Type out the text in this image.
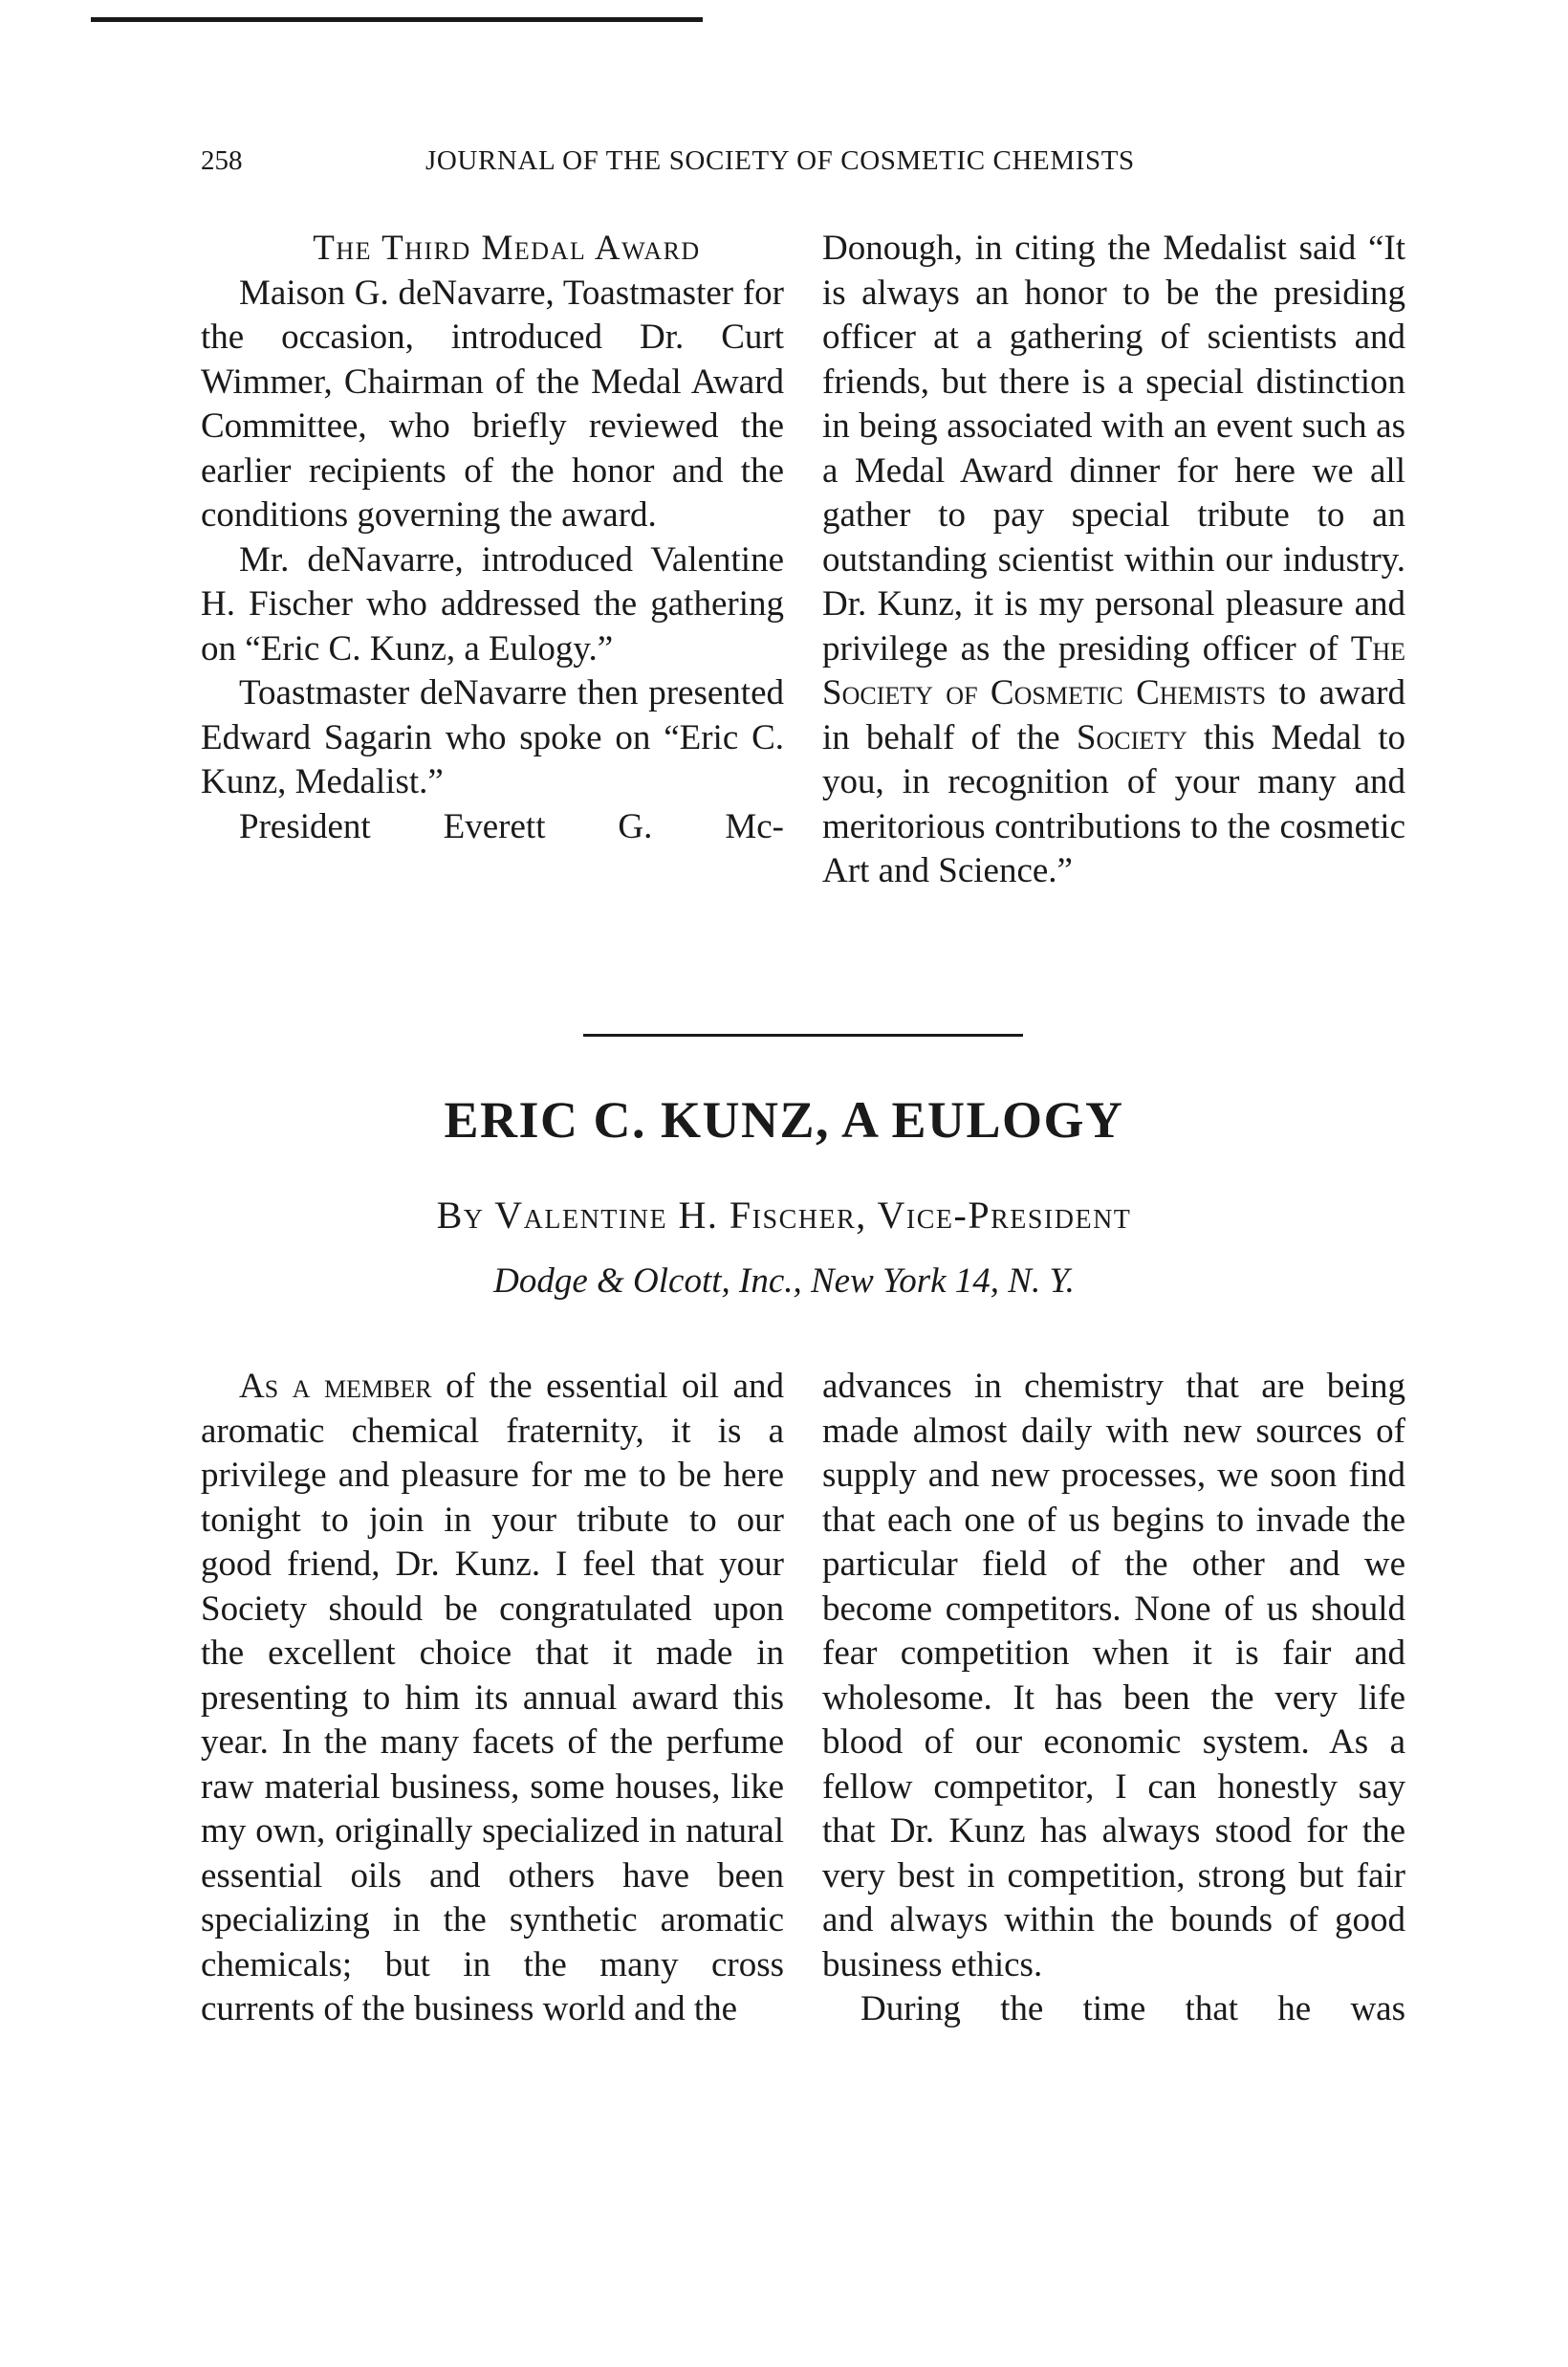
258	JOURNAL OF THE SOCIETY OF COSMETIC CHEMISTS

The Third Medal Award

Maison G. deNavarre, Toastmaster for the occasion, introduced Dr. Curt Wimmer, Chairman of the Medal Award Committee, who briefly reviewed the earlier recipients of the honor and the conditions governing the award.

Mr. deNavarre, introduced Valentine H. Fischer who addressed the gathering on “Eric C. Kunz, a Eulogy.”

Toastmaster deNavarre then presented Edward Sagarin who spoke on “Eric C. Kunz, Medalist.”

President Everett G. Mc-

Donough, in citing the Medalist said “It is always an honor to be the presiding officer at a gathering of scientists and friends, but there is a special distinction in being associated with an event such as a Medal Award dinner for here we all gather to pay special tribute to an outstanding scientist within our industry. Dr. Kunz, it is my personal pleasure and privilege as the presiding officer of The Society of Cosmetic Chemists to award in behalf of the Society this Medal to you, in recognition of your many and meritorious contributions to the cosmetic Art and Science.”

ERIC C. KUNZ, A EULOGY
By Valentine H. Fischer, Vice-President
Dodge & Olcott, Inc., New York 14, N. Y.

As a member of the essential oil and aromatic chemical fraternity, it is a privilege and pleasure for me to be here tonight to join in your tribute to our good friend, Dr. Kunz. I feel that your Society should be congratulated upon the excellent choice that it made in presenting to him its annual award this year. In the many facets of the perfume raw material business, some houses, like my own, originally specialized in natural essential oils and others have been specializing in the synthetic aromatic chemicals; but in the many cross currents of the business world and the

advances in chemistry that are being made almost daily with new sources of supply and new processes, we soon find that each one of us begins to invade the particular field of the other and we become competitors. None of us should fear competition when it is fair and wholesome. It has been the very life blood of our economic system. As a fellow competitor, I can honestly say that Dr. Kunz has always stood for the very best in competition, strong but fair and always within the bounds of good business ethics.

During the time that he was
